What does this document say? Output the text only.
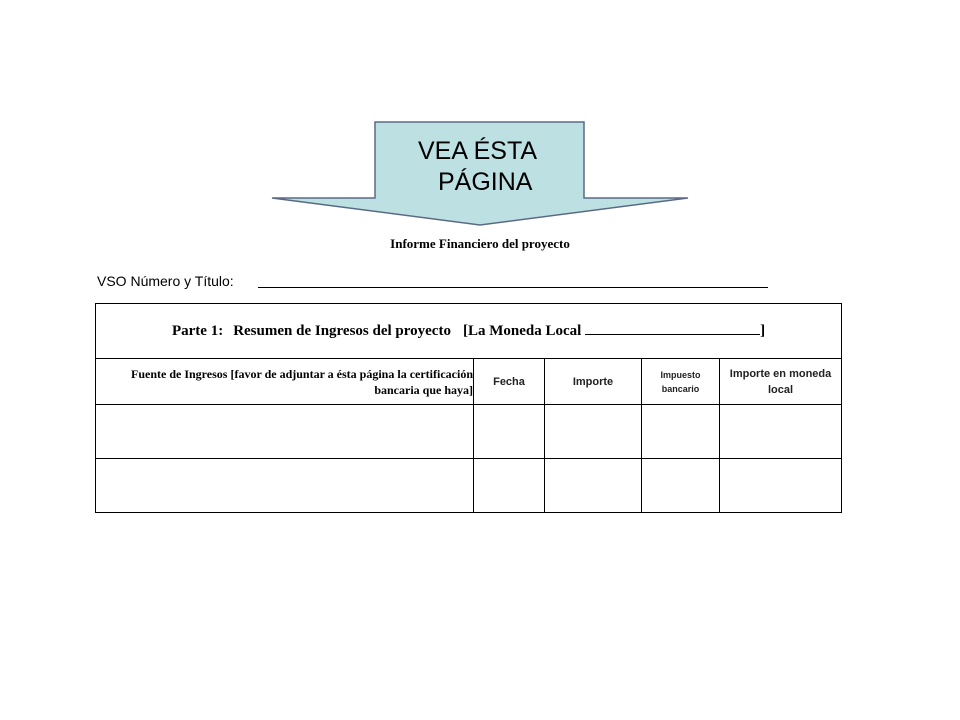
VEA ÉSTA
PÁGINA
Informe Financiero del proyecto
VSO Número y Título:
Parte 1: Resumen de Ingresos del proyecto [La Moneda Local ]				
Fuente de Ingresos [favor de adjuntar a ésta página la certificación bancaria que haya]	Fecha	Importe	Impuesto bancario	Importe en moneda local
